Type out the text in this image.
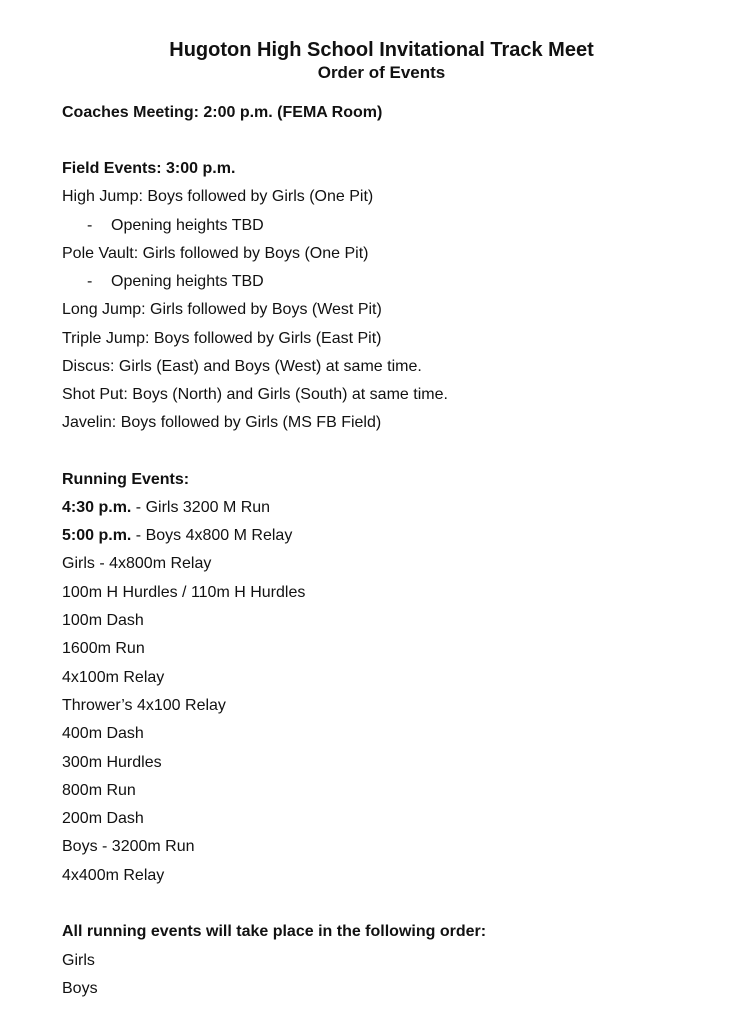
Hugoton High School Invitational Track Meet
Order of Events
Coaches Meeting: 2:00 p.m. (FEMA Room)
Field Events: 3:00 p.m.
High Jump: Boys followed by Girls (One Pit)
- Opening heights TBD
Pole Vault: Girls followed by Boys (One Pit)
- Opening heights TBD
Long Jump: Girls followed by Boys (West Pit)
Triple Jump: Boys followed by Girls (East Pit)
Discus: Girls (East) and Boys (West) at same time.
Shot Put: Boys (North) and Girls (South) at same time.
Javelin: Boys followed by Girls (MS FB Field)
Running Events:
4:30 p.m. - Girls 3200 M Run
5:00 p.m. - Boys 4x800 M Relay
Girls - 4x800m Relay
100m H Hurdles / 110m H Hurdles
100m Dash
1600m Run
4x100m Relay
Thrower’s 4x100 Relay
400m Dash
300m Hurdles
800m Run
200m Dash
Boys - 3200m Run
4x400m Relay
All running events will take place in the following order:
Girls
Boys
